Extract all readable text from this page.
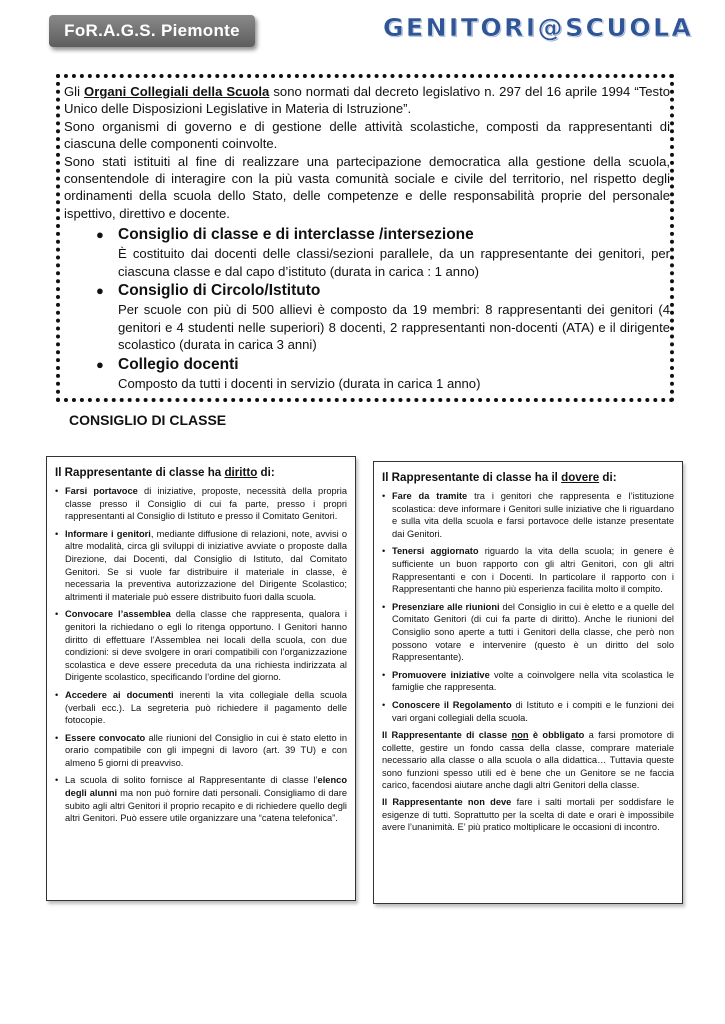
FoR.A.G.S. Piemonte	GENITORI@SCUOLA

Gli Organi Collegiali della Scuola sono normati dal decreto legislativo n. 297 del 16 aprile 1994 “Testo Unico delle Disposizioni Legislative in Materia di Istruzione”.

Sono organismi di governo e di gestione delle attività scolastiche, composti da rappresentanti di ciascuna delle componenti coinvolte.

Sono stati istituiti al fine di realizzare una partecipazione democratica alla gestione della scuola, consentendole di interagire con la più vasta comunità sociale e civile del territorio, nel rispetto degli ordinamenti della scuola dello Stato, delle competenze e delle responsabilità proprie del personale ispettivo, direttivo e docente.

● Consiglio di classe e di interclasse /intersezione
È costituito dai docenti delle classi/sezioni parallele, da un rappresentante dei genitori, per ciascuna classe e dal capo d’istituto (durata in carica : 1 anno)
● Consiglio di Circolo/Istituto
Per scuole con più di 500 allievi è composto da 19 membri: 8 rappresentanti dei genitori (4 genitori e 4 studenti nelle superiori) 8 docenti, 2 rappresentanti non-docenti (ATA) e il dirigente scolastico (durata in carica 3 anni)
● Collegio docenti
Composto da tutti i docenti in servizio (durata in carica 1 anno)
CONSIGLIO DI CLASSE
Il Rappresentante di classe ha diritto di:
• Farsi portavoce di iniziative, proposte, necessità della propria classe presso il Consiglio di cui fa parte, presso i propri rappresentanti al Consiglio di Istituto e presso il Comitato Genitori.
• Informare i genitori, mediante diffusione di relazioni, note, avvisi o altre modalità, circa gli sviluppi di iniziative avviate o proposte dalla Direzione, dai Docenti, dal Consiglio di Istituto, dal Comitato Genitori. Se si vuole far distribuire il materiale in classe, è necessaria la preventiva autorizzazione del Dirigente Scolastico; altrimenti il materiale può essere distribuito fuori dalla scuola.
• Convocare l’assemblea della classe che rappresenta, qualora i genitori la richiedano o egli lo ritenga opportuno. I Genitori hanno diritto di effettuare l’Assemblea nei locali della scuola, con due condizioni: si deve svolgere in orari compatibili con l’organizzazione scolastica e deve essere preceduta da una richiesta indirizzata al Dirigente scolastico, specificando l’ordine del giorno.
• Accedere ai documenti inerenti la vita collegiale della scuola (verbali ecc.). La segreteria può richiedere il pagamento delle fotocopie.
• Essere convocato alle riunioni del Consiglio in cui è stato eletto in orario compatibile con gli impegni di lavoro (art. 39 TU) e con almeno 5 giorni di preavviso.
• La scuola di solito fornisce al Rappresentante di classe l’elenco degli alunni ma non può fornire dati personali. Consigliamo di dare subito agli altri Genitori il proprio recapito e di richiedere quello degli altri Genitori. Può essere utile organizzare una “catena telefonica”.
Il Rappresentante di classe ha il dovere di:
• Fare da tramite tra i genitori che rappresenta e l’istituzione scolastica: deve informare i Genitori sulle iniziative che li riguardano e sulla vita della scuola e farsi portavoce delle istanze presentate dai Genitori.
• Tenersi aggiornato riguardo la vita della scuola; in genere è sufficiente un buon rapporto con gli altri Genitori, con gli altri Rappresentanti e con i Docenti. In particolare il rapporto con i Rappresentanti che hanno più esperienza facilita molto il compito.
• Presenziare alle riunioni del Consiglio in cui è eletto e a quelle del Comitato Genitori (di cui fa parte di diritto). Anche le riunioni del Consiglio sono aperte a tutti i Genitori della classe, che però non possono votare e intervenire (questo è un diritto del solo Rappresentante).
• Promuovere iniziative volte a coinvolgere nella vita scolastica le famiglie che rappresenta.
• Conoscere il Regolamento di Istituto e i compiti e le funzioni dei vari organi collegiali della scuola.

Il Rappresentante di classe non è obbligato a farsi promotore di collette, gestire un fondo cassa della classe, comprare materiale necessario alla classe o alla scuola o alla didattica… Tuttavia queste sono funzioni spesso utili ed è bene che un Genitore se ne faccia carico, facendosi aiutare anche dagli altri Genitori della classe.

Il Rappresentante non deve fare i salti mortali per soddisfare le esigenze di tutti. Soprattutto per la scelta di date e orari è impossibile avere l’unanimità. E’ più pratico moltiplicare le occasioni di incontro.
